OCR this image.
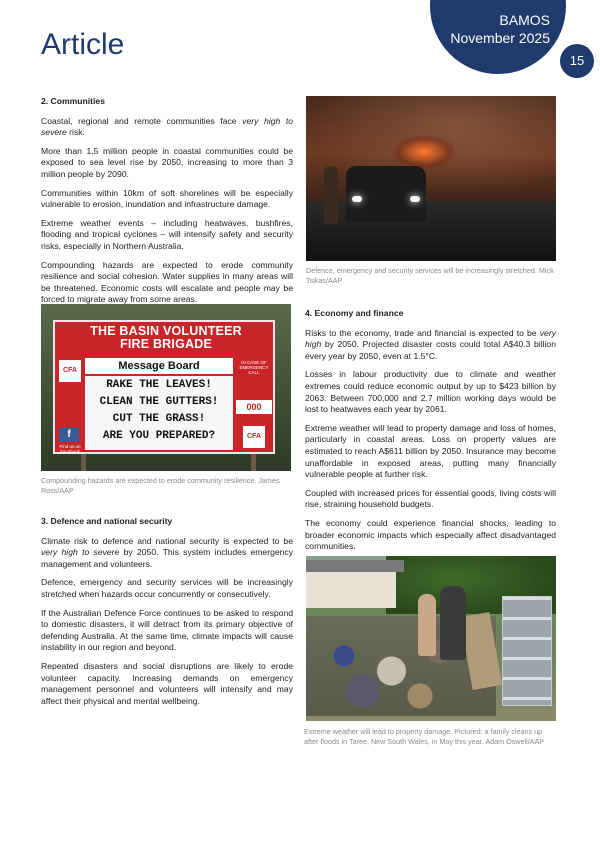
Article
BAMOS
November 2025
15
2. Communities

Coastal, regional and remote communities face very high to severe risk.

More than 1.5 million people in coastal communities could be exposed to sea level rise by 2050, increasing to more than 3 million people by 2090.

Communities within 10km of soft shorelines will be especially vulnerable to erosion, inundation and infrastructure damage.

Extreme weather events – including heatwaves, bushfires, flooding and tropical cyclones – will intensify safety and security risks, especially in Northern Australia.

Compounding hazards are expected to erode community resilience and social cohesion. Water supplies in many areas will be threatened. Economic costs will escalate and people may be forced to migrate away from some areas.

Defence, emergency and security services will be increasingly stretched. Mick Tsikas/AAP
THE BASIN VOLUNTEER
FIRE BRIGADE
CFA	Message Board
RAKE THE LEAVES!
CLEAN THE GUTTERS!
CUT THE GRASS!
ARE YOU PREPARED?
IN CASE OF EMERGENCY CALL
000
CFA
f
Find us on Facebook
Compounding hazards are expected to erode community resilience. James Ross/AAP
3. Defence and national security

Climate risk to defence and national security is expected to be very high to severe by 2050. This system includes emergency management and volunteers.

Defence, emergency and security services will be increasingly stretched when hazards occur concurrently or consecutively.

If the Australian Defence Force continues to be asked to respond to domestic disasters, it will detract from its primary objective of defending Australia. At the same time, climate impacts will cause instability in our region and beyond.

Repeated disasters and social disruptions are likely to erode volunteer capacity. Increasing demands on emergency management personnel and volunteers will intensify and may affect their physical and mental wellbeing.

4. Economy and finance

Risks to the economy, trade and financial is expected to be very high by 2050. Projected disaster costs could total A$40.3 billion every year by 2050, even at 1.5°C.

Losses in labour productivity due to climate and weather extremes could reduce economic output by up to $423 billion by 2063. Between 700,000 and 2.7 million working days would be lost to heatwaves each year by 2061.

Extreme weather will lead to property damage and loss of homes, particularly in coastal areas. Loss on property values are estimated to reach A$611 billion by 2050. Insurance may become unaffordable in exposed areas, putting many financially vulnerable people at further risk.

Coupled with increased prices for essential goods, living costs will rise, straining household budgets.

The economy could experience financial shocks, leading to broader economic impacts which especially affect disadvantaged communities.

Extreme weather will lead to property damage. Pictured: a family cleans up after floods in Taree, New South Wales, in May this year. Adam Oswell/AAP
